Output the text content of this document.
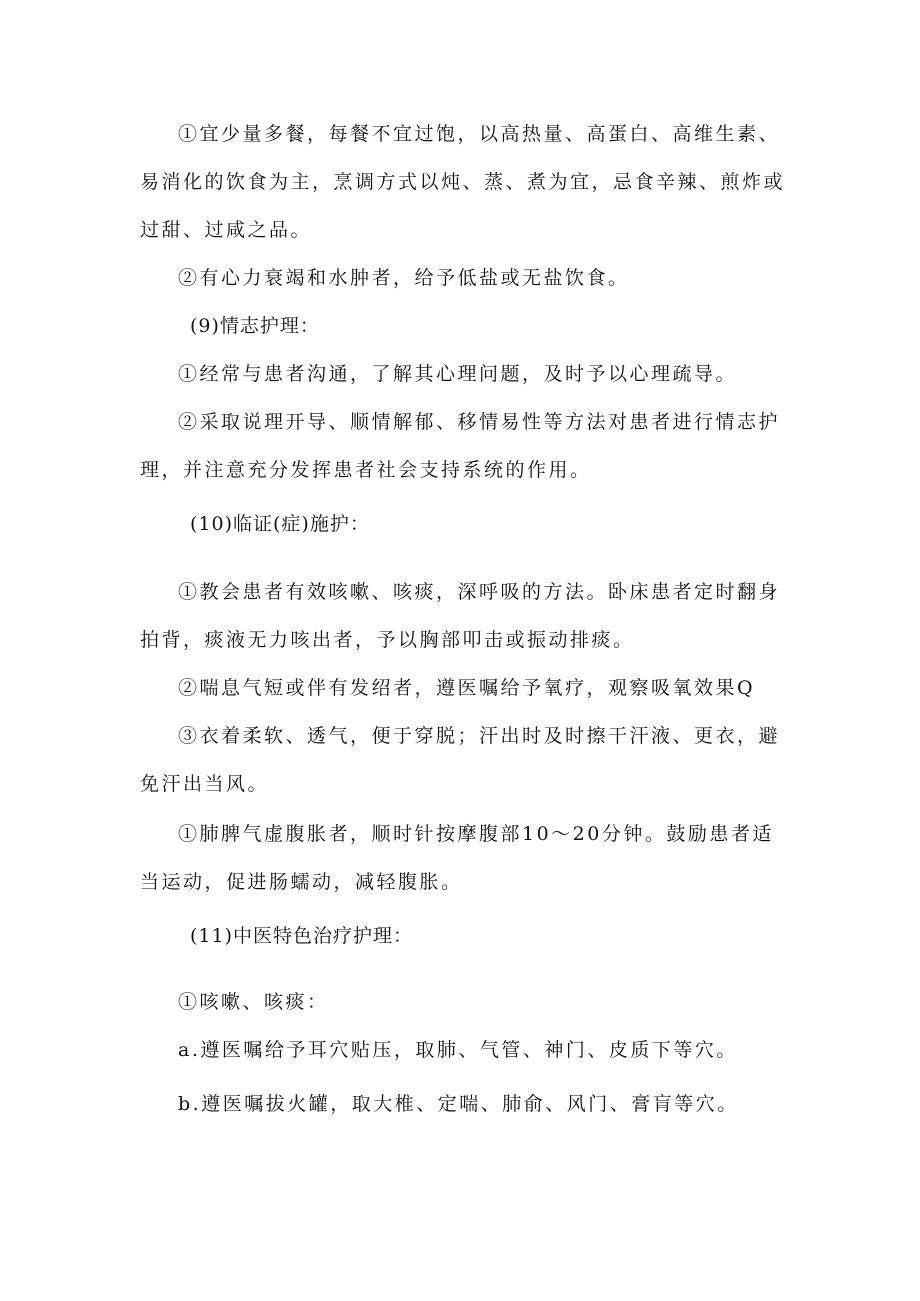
①宜少量多餐，每餐不宜过饱，以高热量、高蛋白、高维生素、易消化的饮食为主，烹调方式以炖、蒸、煮为宜，忌食辛辣、煎炸或过甜、过咸之品。

②有心力衰竭和水肿者，给予低盐或无盐饮食。

(9)情志护理：

①经常与患者沟通，了解其心理问题，及时予以心理疏导。

②采取说理开导、顺情解郁、移情易性等方法对患者进行情志护理，并注意充分发挥患者社会支持系统的作用。

(10)临证(症)施护：

①教会患者有效咳嗽、咳痰，深呼吸的方法。卧床患者定时翻身拍背，痰液无力咳出者，予以胸部叩击或振动排痰。

②喘息气短或伴有发绍者，遵医嘱给予氧疗，观察吸氧效果Q

③衣着柔软、透气，便于穿脱；汗出时及时擦干汗液、更衣，避免汗出当风。

①肺脾气虚腹胀者，顺时针按摩腹部10～20分钟。鼓励患者适当运动，促进肠蠕动，减轻腹胀。

(11)中医特色治疗护理：

①咳嗽、咳痰：

a.遵医嘱给予耳穴贴压，取肺、气管、神门、皮质下等穴。

b.遵医嘱拔火罐，取大椎、定喘、肺俞、风门、膏肓等穴。
